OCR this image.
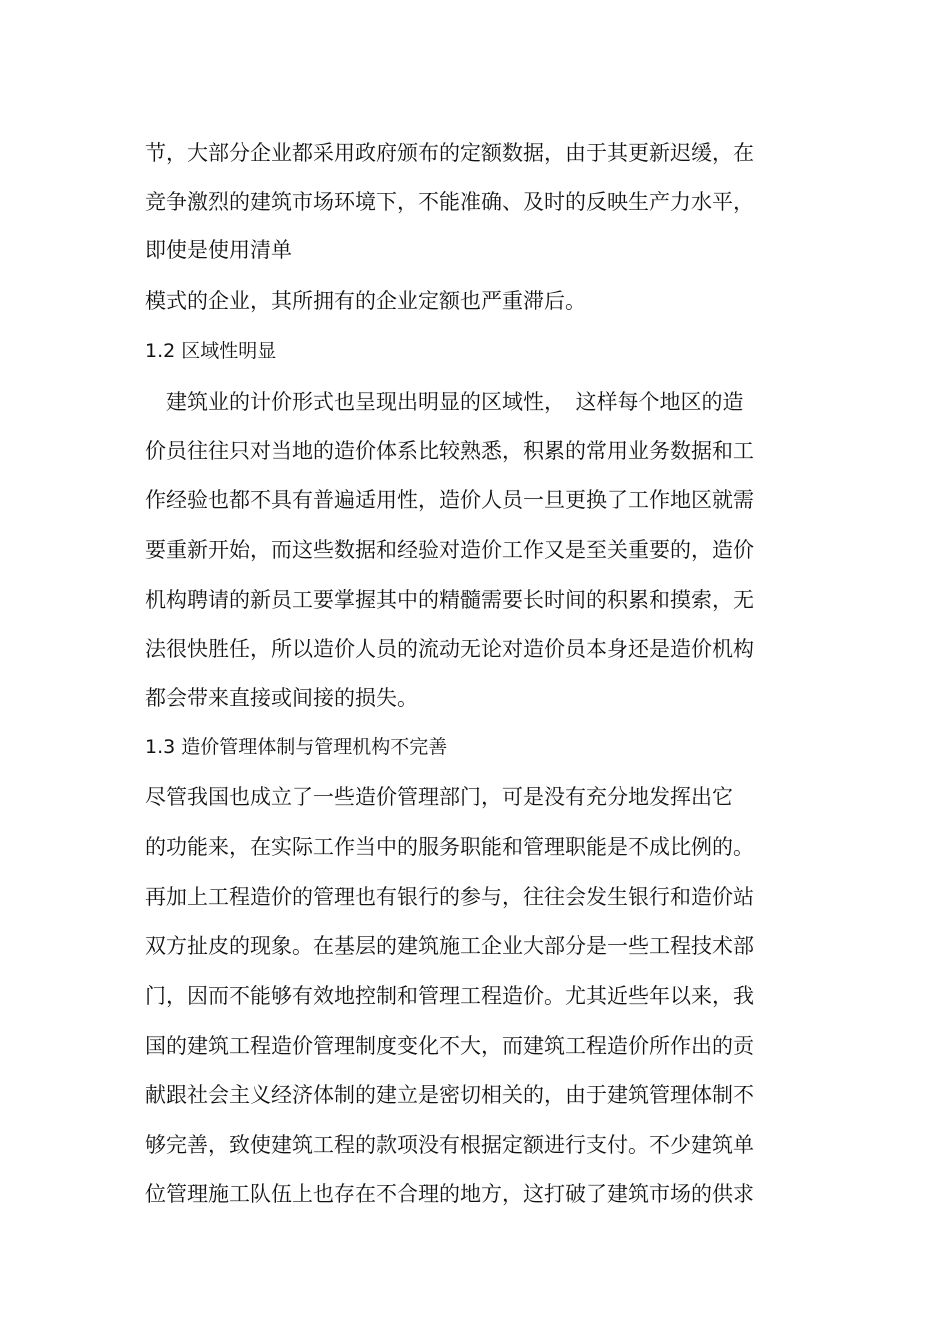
节，大部分企业都采用政府颁布的定额数据，由于其更新迟缓，在
竞争激烈的建筑市场环境下，不能准确、及时的反映生产力水平，
即使是使用清单
模式的企业，其所拥有的企业定额也严重滞后。
1.2 区域性明显
　建筑业的计价形式也呈现出明显的区域性，　这样每个地区的造
价员往往只对当地的造价体系比较熟悉，积累的常用业务数据和工
作经验也都不具有普遍适用性，造价人员一旦更换了工作地区就需
要重新开始，而这些数据和经验对造价工作又是至关重要的，造价
机构聘请的新员工要掌握其中的精髓需要长时间的积累和摸索，无
法很快胜任，所以造价人员的流动无论对造价员本身还是造价机构
都会带来直接或间接的损失。
1.3 造价管理体制与管理机构不完善
尽管我国也成立了一些造价管理部门，可是没有充分地发挥出它
的功能来，在实际工作当中的服务职能和管理职能是不成比例的。
再加上工程造价的管理也有银行的参与，往往会发生银行和造价站
双方扯皮的现象。在基层的建筑施工企业大部分是一些工程技术部
门，因而不能够有效地控制和管理工程造价。尤其近些年以来，我
国的建筑工程造价管理制度变化不大，而建筑工程造价所作出的贡
献跟社会主义经济体制的建立是密切相关的，由于建筑管理体制不
够完善，致使建筑工程的款项没有根据定额进行支付。不少建筑单
位管理施工队伍上也存在不合理的地方，这打破了建筑市场的供求
